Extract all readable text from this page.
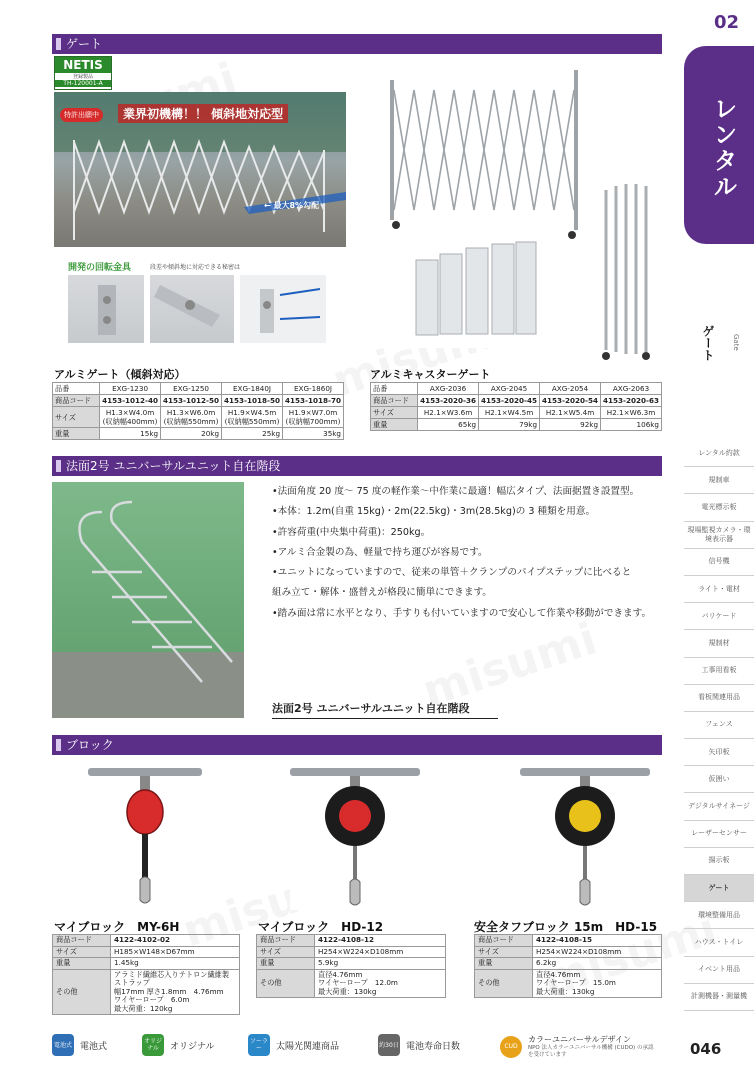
ゲート
NETIS
登録製品
TH-120001-A
特許出願中	業界初機構！！ 傾斜地対応型
← 最大8%勾配
開発の回転金具	段差や傾斜地に対応できる秘密は
アルミゲート（傾斜対応）
品番	EXG-1230	EXG-1250	EXG-1840J	EXG-1860J
商品コード	4153-1012-40	4153-1012-50	4153-1018-50	4153-1018-70
サイズ	H1.3×W4.0m (収納幅400mm)	H1.3×W6.0m (収納幅550mm)	H1.9×W4.5m (収納幅550mm)	H1.9×W7.0m (収納幅700mm)
重量	15kg	20kg	25kg	35kg
アルミキャスターゲート
品番	AXG-2036	AXG-2045	AXG-2054	AXG-2063
商品コード	4153-2020-36	4153-2020-45	4153-2020-54	4153-2020-63
サイズ	H2.1×W3.6m	H2.1×W4.5m	H2.1×W5.4m	H2.1×W6.3m
重量	65kg	79kg	92kg	106kg
法面2号 ユニバーサルユニット自在階段
•法面角度 20 度〜 75 度の軽作業〜中作業に最適！幅広タイプ、法面据置き設置型。
•本体：1.2m(自重 15kg)・2m(22.5kg)・3m(28.5kg)の 3 種類を用意。
•許容荷重(中央集中荷重)：250kg。
•アルミ合金製の為、軽量で持ち運びが容易です。
•ユニットになっていますので、従来の単管＋クランプのパイプステップに比べると
組み立て・解体・盛替えが格段に簡単にできます。
•踏み面は常に水平となり、手すりも付いていますので安心して作業や移動ができます。
法面2号 ユニバーサルユニット自在階段
ブロック
マイブロック　MY-6H
商品コード	4122-4102-02
サイズ	H185×W148×D67mm
重量	1.45kg
その他	アラミド繊維芯入りテトロン繊維製ストラップ
幅17mm 厚さ1.8mm　4.76mm
ワイヤーロープ　6.0m
最大荷重：120kg
マイブロック　HD-12
商品コード	4122-4108-12
サイズ	H254×W224×D108mm
重量	5.9kg
その他	直径4.76mm
ワイヤーロープ　12.0m
最大荷重：130kg
安全タフブロック 15m　HD-15
商品コード	4122-4108-15
サイズ	H254×W224×D108mm
重量	6.2kg
その他	直径4.76mm
ワイヤーロープ　15.0m
最大荷重：130kg
02
レンタル
ゲート Gate
レンタル約款
規制車
電光標示板
現場監視カメラ・環境表示器
信号機
ライト・電材
バリケード
規制材
工事用看板
看板関連用品
フェンス
矢印板
仮囲い
デジタルサイネージ
レーザーセンサー
揚示板
ゲート
環境整備用品
ハウス・トイレ
イベント用品
計測機器・測量機
電池式 電池式	オリジナル	オリジナル	ソーラー	太陽光関連商品	約30日 電池寿命日数	CUD
カラーユニバーサルデザイン
NPO 法人カラーユニバーサル機構 (CUDO) の承認を受けています	046
